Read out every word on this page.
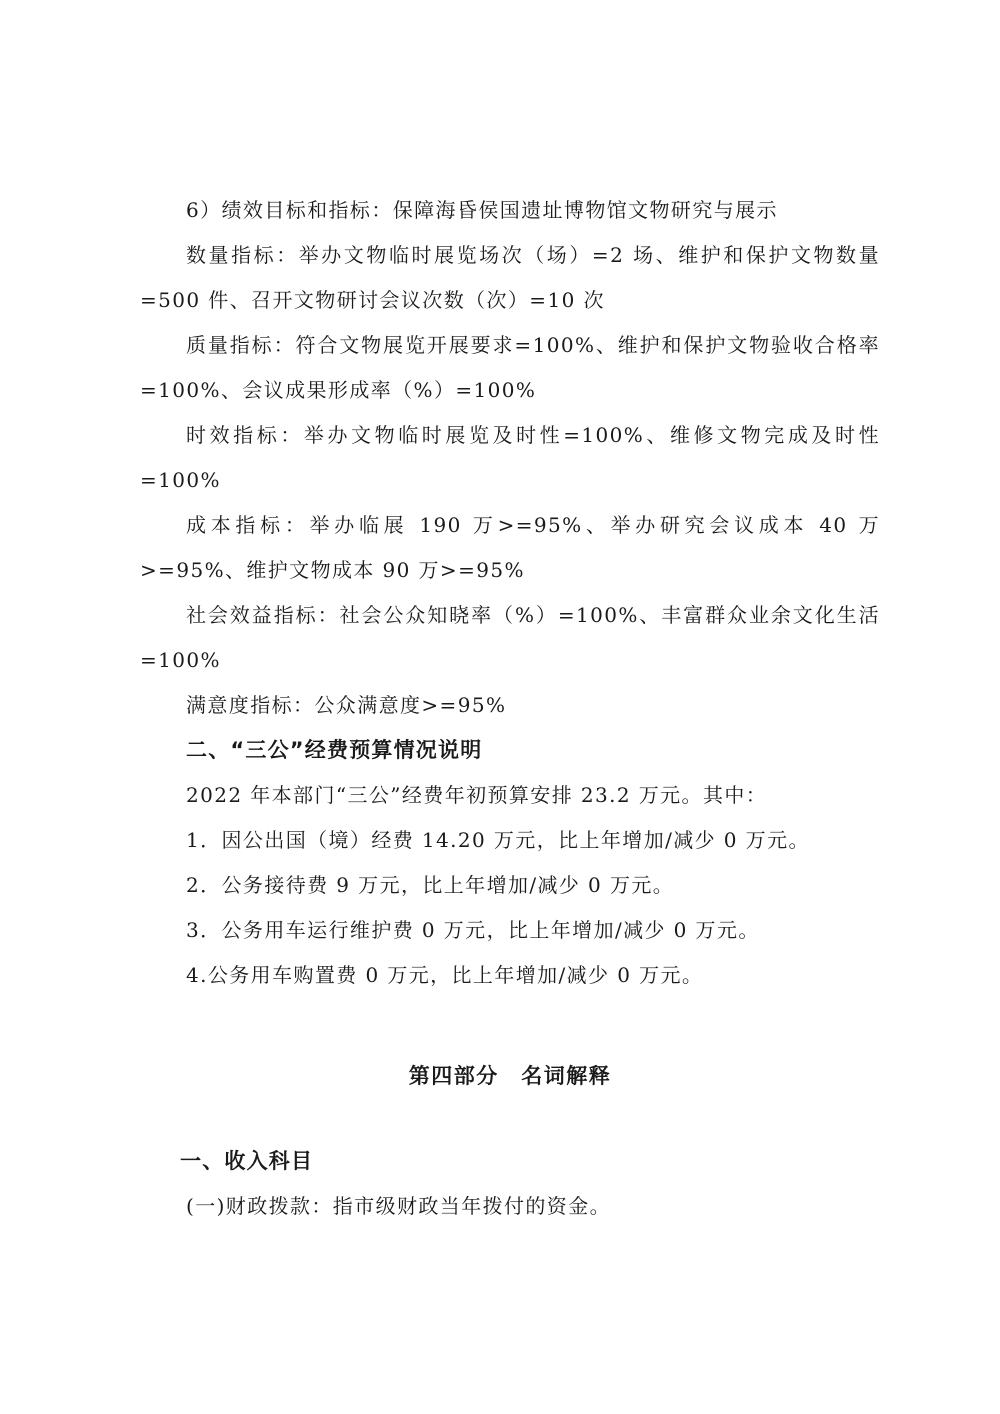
6）绩效目标和指标：保障海昏侯国遗址博物馆文物研究与展示

数量指标：举办文物临时展览场次（场）=2 场、维护和保护文物数量=500 件、召开文物研讨会议次数（次）=10 次

质量指标：符合文物展览开展要求=100%、维护和保护文物验收合格率=100%、会议成果形成率（%）=100%

时效指标：举办文物临时展览及时性=100%、维修文物完成及时性=100%

成本指标：举办临展 190 万>=95%、举办研究会议成本 40 万>=95%、维护文物成本 90 万>=95%

社会效益指标：社会公众知晓率（%）=100%、丰富群众业余文化生活=100%

满意度指标：公众满意度>=95%

二、“三公”经费预算情况说明

2022 年本部门“三公”经费年初预算安排 23.2 万元。其中：

1．因公出国（境）经费 14.20 万元，比上年增加/减少 0 万元。

2．公务接待费 9 万元，比上年增加/减少 0 万元。

3．公务用车运行维护费 0 万元，比上年增加/减少 0 万元。

4.公务用车购置费 0 万元，比上年增加/减少 0 万元。

第四部分　名词解释

一、收入科目

(一)财政拨款：指市级财政当年拨付的资金。
